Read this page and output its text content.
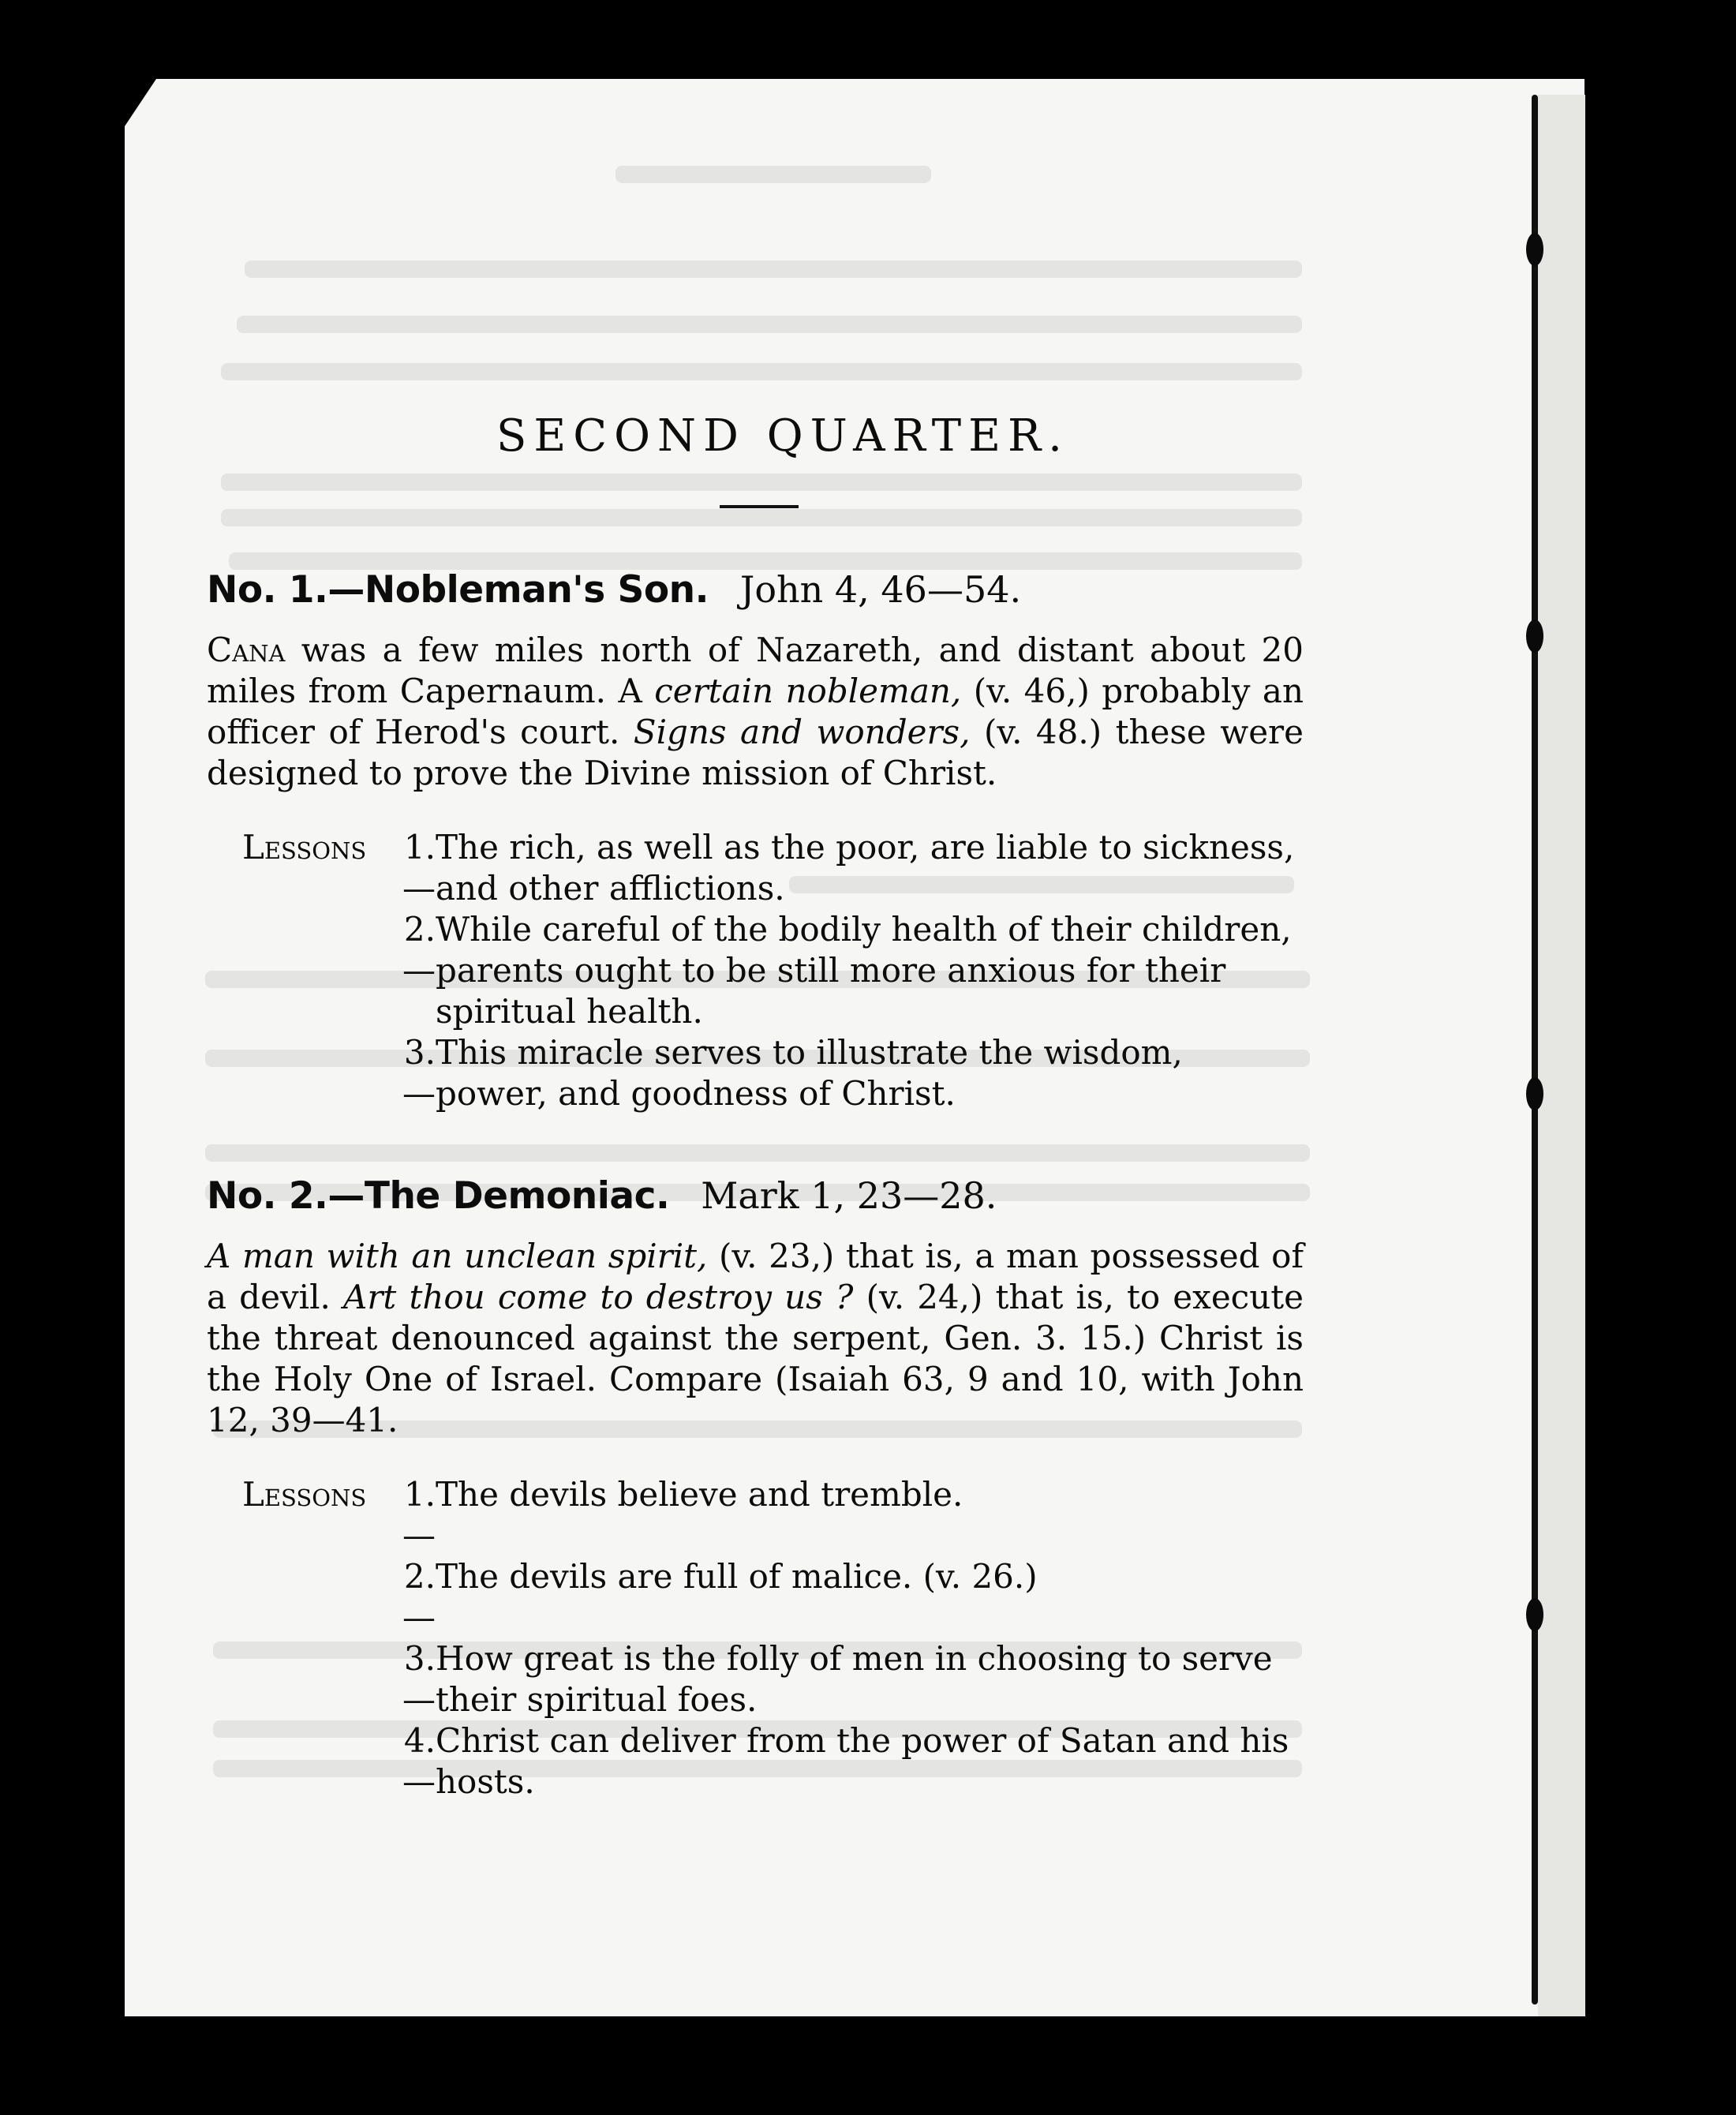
SECOND QUARTER.
No. 1.—Nobleman's Son. John 4, 46—54.

Cana was a few miles north of Nazareth, and distant about 20 miles from Capernaum. A certain nobleman, (v. 46,) probably an officer of Herod's court. Signs and wonders, (v. 48.) these were designed to prove the Divine mission of Christ.

Lessons	1.—
The rich, as well as the poor, are liable to sickness, and other afflictions.
2.—
While careful of the bodily health of their children, parents ought to be still more anxious for their spiritual health.
3.—
This miracle serves to illustrate the wisdom, power, and goodness of Christ.
No. 2.—The Demoniac. Mark 1, 23—28.

A man with an unclean spirit, (v. 23,) that is, a man possessed of a devil. Art thou come to destroy us ? (v. 24,) that is, to execute the threat denounced against the serpent, Gen. 3. 15.) Christ is the Holy One of Israel. Compare (Isaiah 63, 9 and 10, with John 12, 39—41.

Lessons	1.—
The devils believe and tremble.
2.—
The devils are full of malice. (v. 26.)
3.—
How great is the folly of men in choosing to serve their spiritual foes.
4.—
Christ can deliver from the power of Satan and his hosts.
